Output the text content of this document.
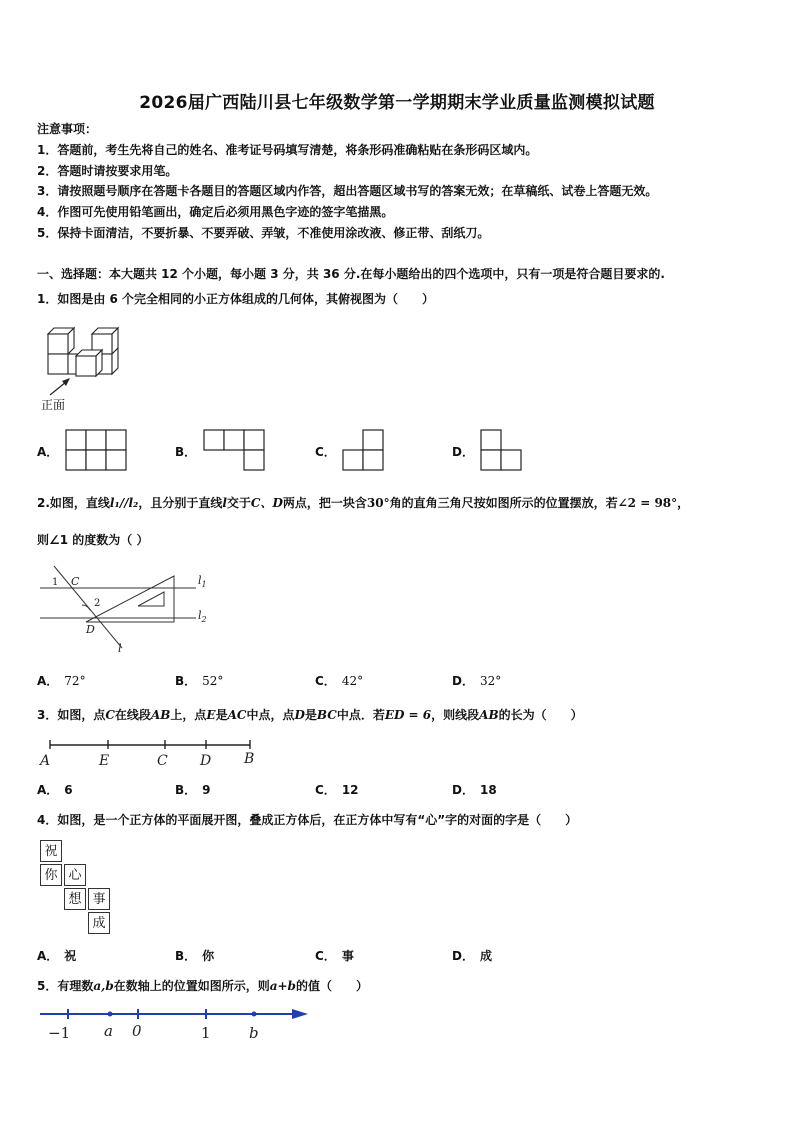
2026届广西陆川县七年级数学第一学期期末学业质量监测模拟试题
注意事项：
1．答题前，考生先将自己的姓名、准考证号码填写清楚，将条形码准确粘贴在条形码区域内。
2．答题时请按要求用笔。
3．请按照题号顺序在答题卡各题目的答题区域内作答，超出答题区域书写的答案无效；在草稿纸、试卷上答题无效。
4．作图可先使用铅笔画出，确定后必须用黑色字迹的签字笔描黑。
5．保持卡面清洁，不要折暴、不要弄破、弄皱，不准使用涂改液、修正带、刮纸刀。
一、选择题：本大题共 12 个小题，每小题 3 分，共 36 分.在每小题给出的四个选项中，只有一项是符合题目要求的.
1．如图是由 6 个完全相同的小正方体组成的几何体，其俯视图为（　　）
正面
A．	B．	C．	D．
2.如图，直线l₁//l₂，且分别于直线l交于C、D两点，把一块含30°角的直角三角尺按如图所示的位置摆放，若∠2 = 98°，
则∠1 的度数为（ ）
1 C
2
D
l
$l_1$
$l_2$
A． 72°	B． 52°	C． 42°	D． 32°
3．如图，点C在线段AB上，点E是AC中点，点D是BC中点．若ED = 6，则线段AB的长为（　　）
A	E	C D B
A． 6	B． 9	C． 12	D． 18
4．如图，是一个正方体的平面展开图，叠成正方体后，在正方体中写有“心”字的对面的字是（　　）
祝
你 心
想 事
成
A． 祝	B． 你	C． 事	D． 成
5．有理数a,b在数轴上的位置如图所示，则a+b的值（　　）
−1 a 0	1	b
